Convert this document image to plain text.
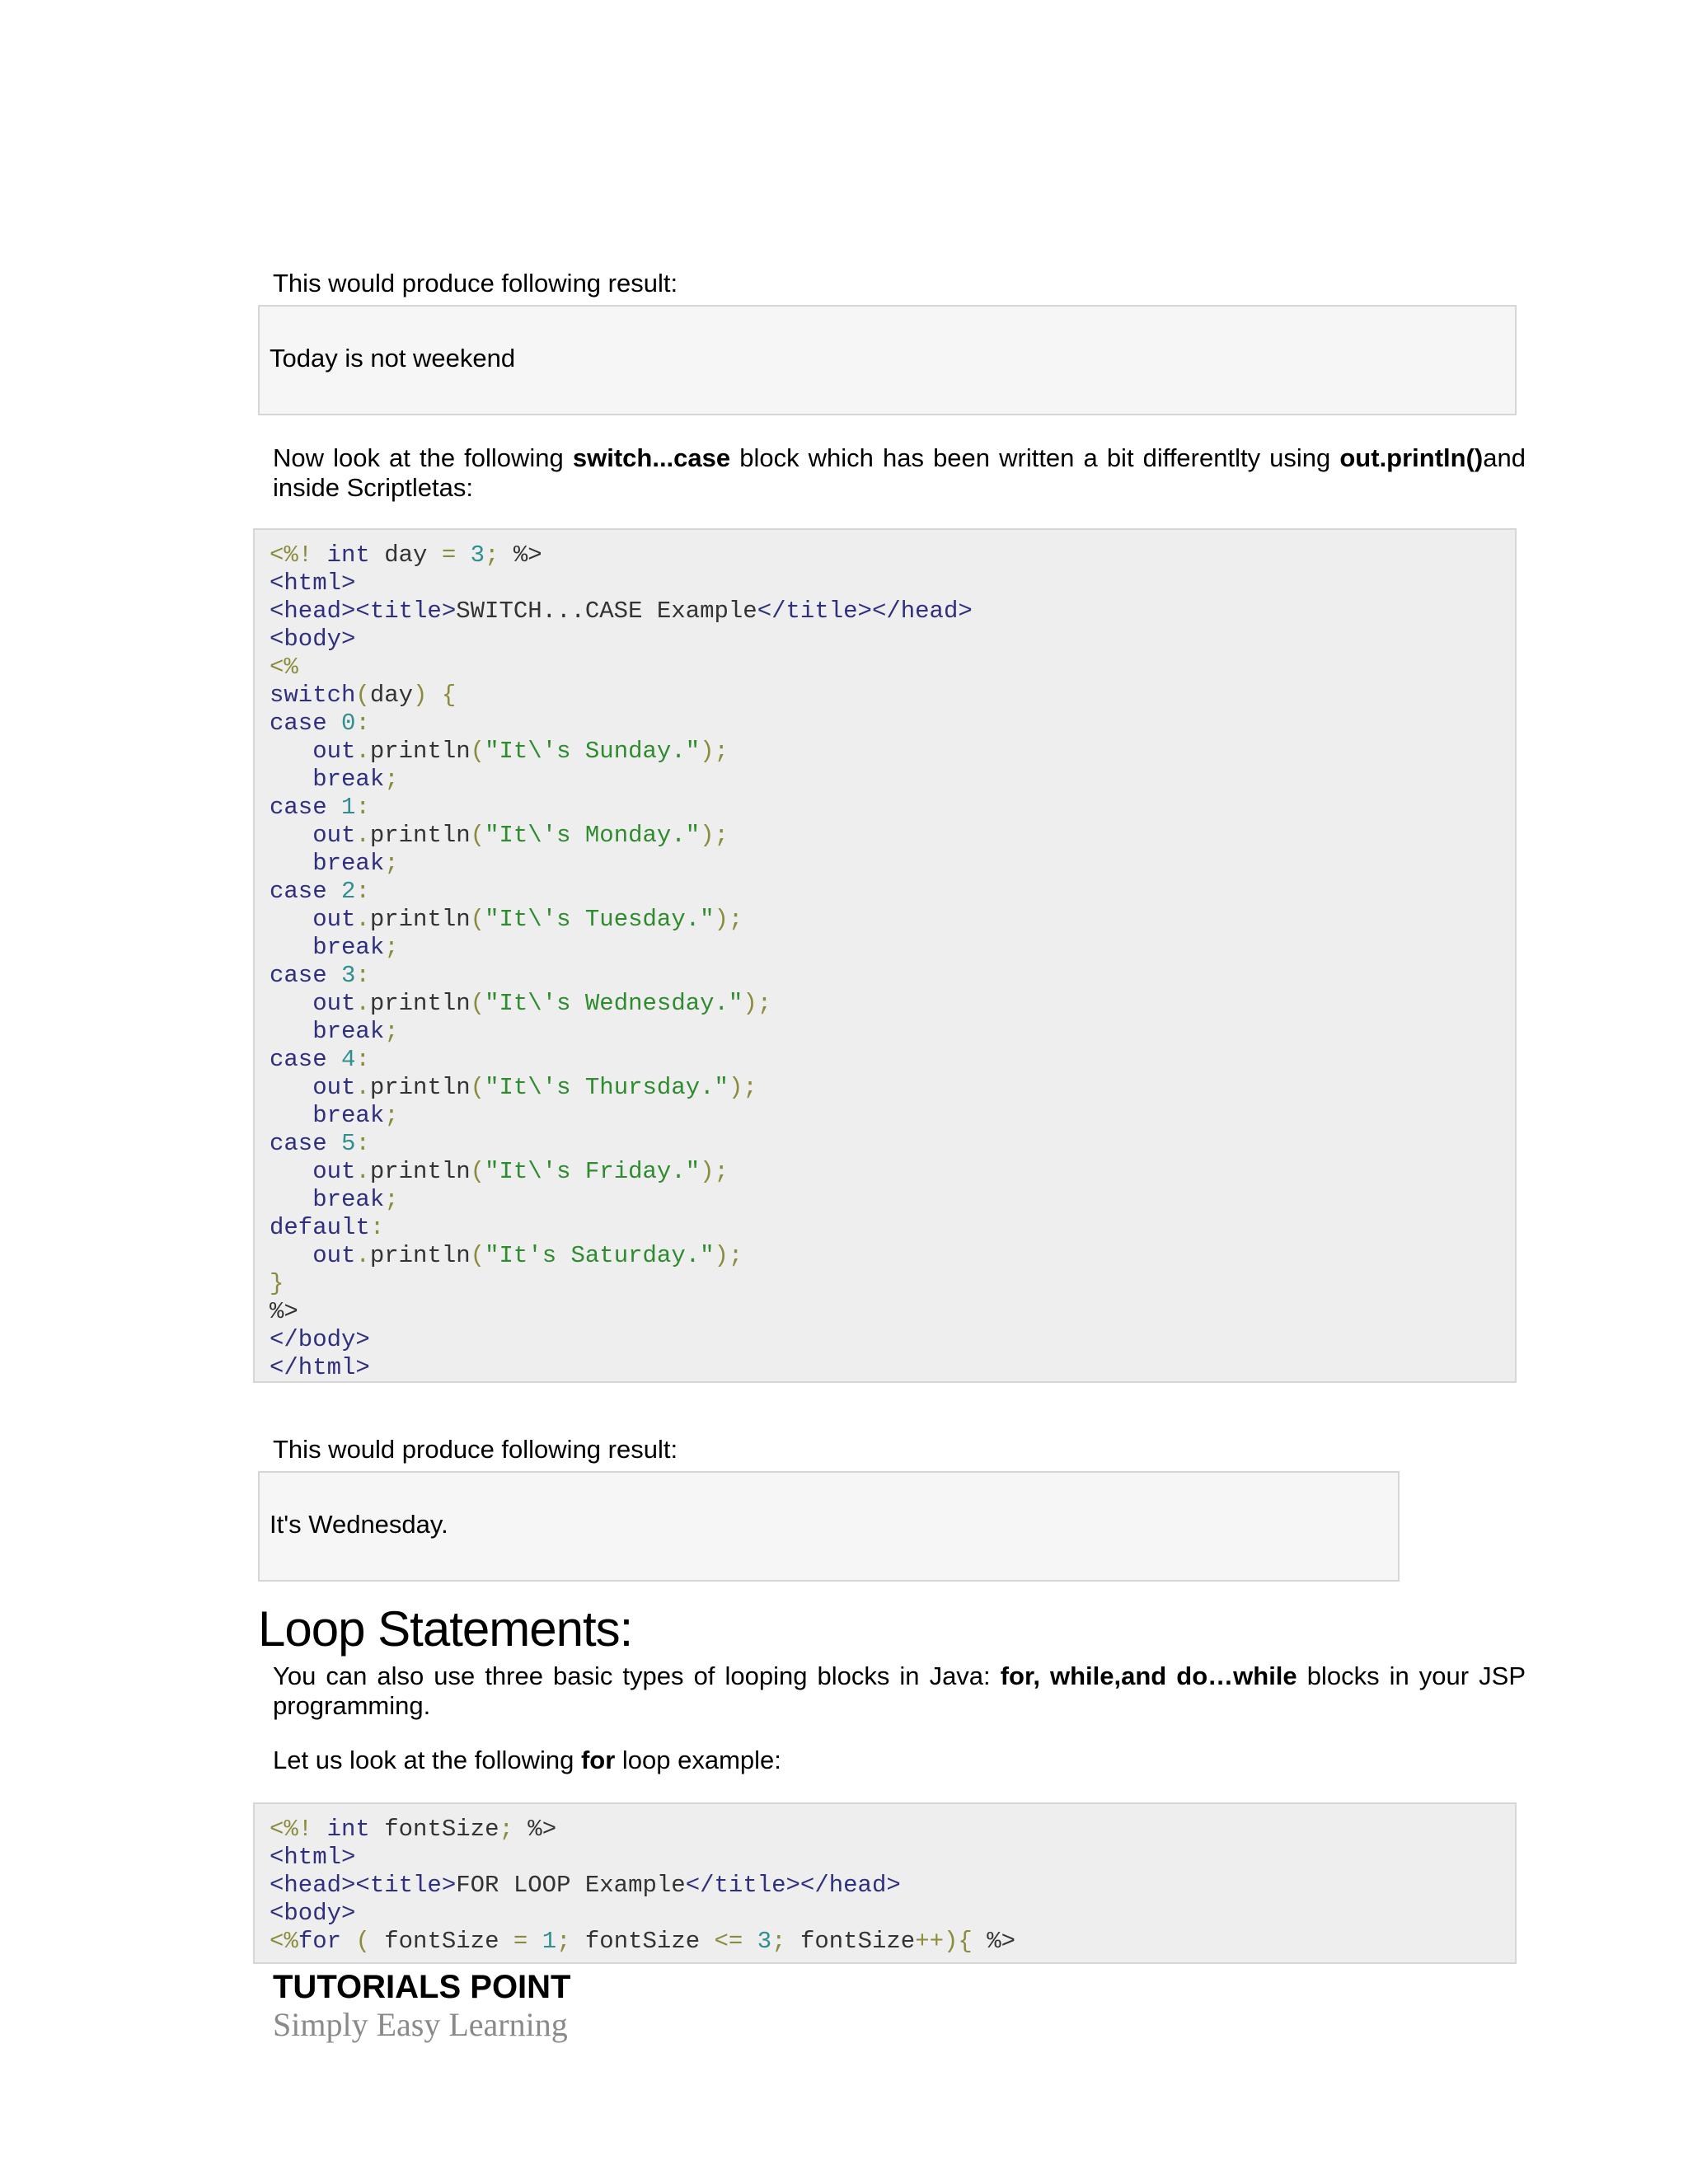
This would produce following result:

Today is not weekend
Now look at the following switch...case block which has been written a bit differentlty using out.println()and inside Scriptletas:
<%! int day = 3; %>
<html>
<head><title>SWITCH...CASE Example</title></head>
<body>
<%
switch(day) {
case 0:
out.println("It\'s Sunday.");
break;
case 1:
out.println("It\'s Monday.");
break;
case 2:
out.println("It\'s Tuesday.");
break;
case 3:
out.println("It\'s Wednesday.");
break;
case 4:
out.println("It\'s Thursday.");
break;
case 5:
out.println("It\'s Friday.");
break;
default:
out.println("It's Saturday.");
}
%>
</body>
</html>

This would produce following result:

It's Wednesday.
Loop Statements:
You can also use three basic types of looping blocks in Java: for, while,and do…while blocks in your JSP programming.
Let us look at the following for loop example:
<%! int fontSize; %>
<html>
<head><title>FOR LOOP Example</title></head>
<body>
<%for ( fontSize = 1; fontSize <= 3; fontSize++){ %>
TUTORIALS POINT
Simply Easy Learning
